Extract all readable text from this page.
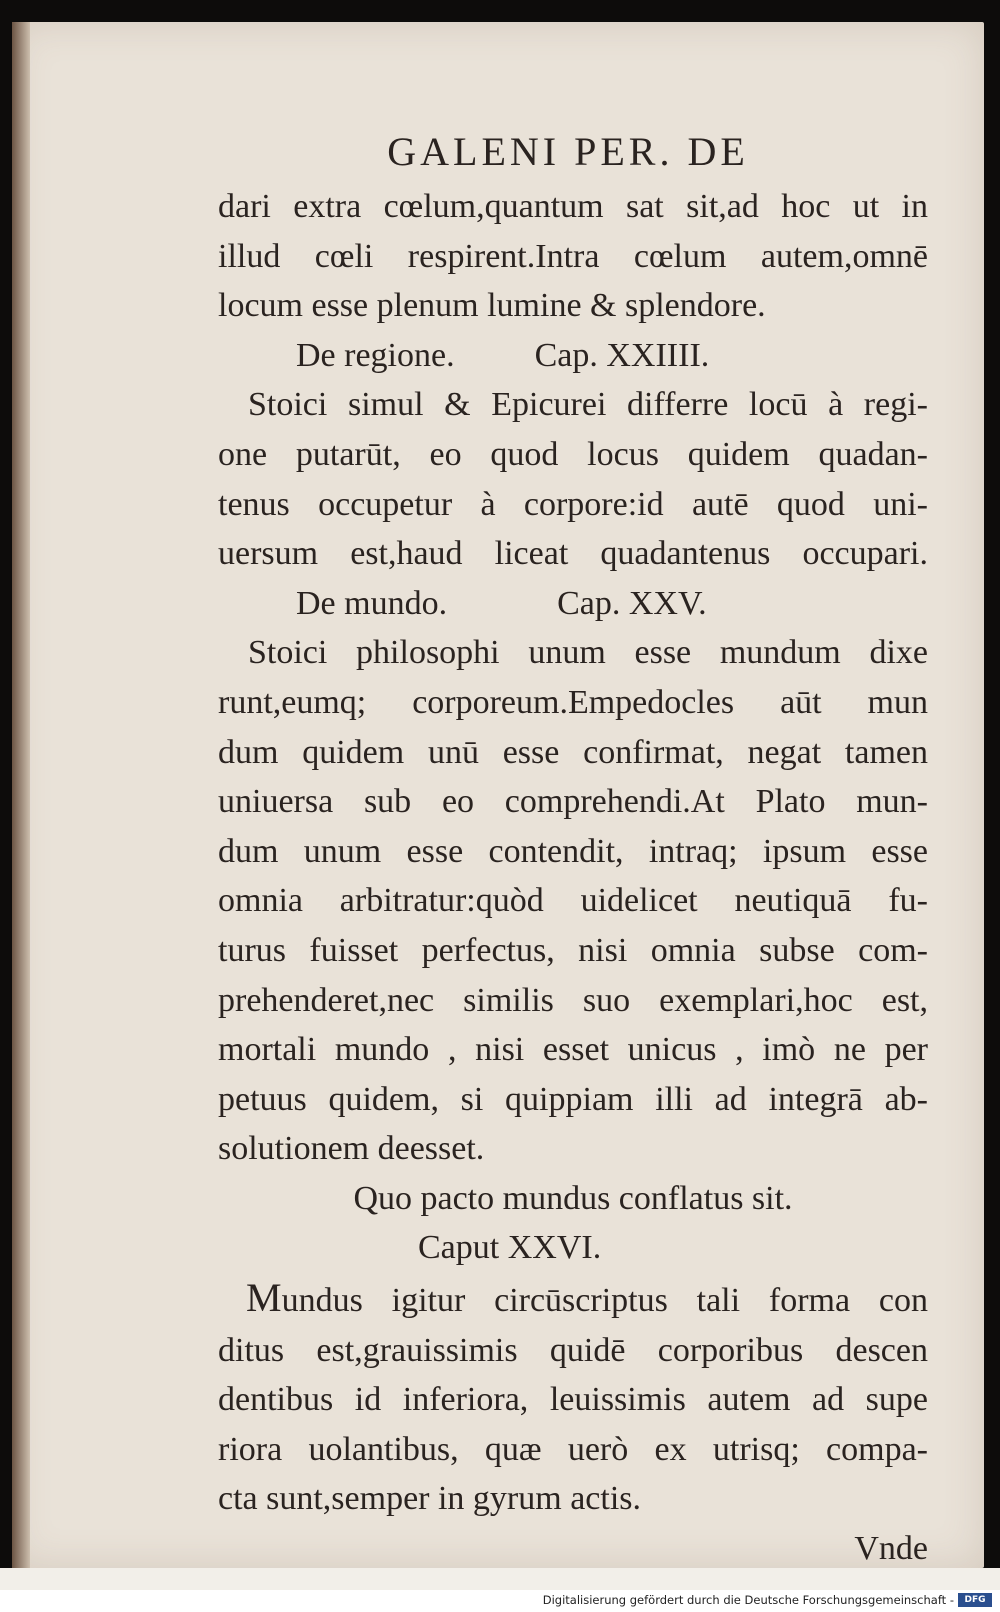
GALENI PER. DE
dari extra cœlum,quantum sat sit,ad hoc ut in
illud cœli respirent.Intra cœlum autem,omnē
locum esse plenum lumine & splendore.
De regione. Cap. XXIIII.
Stoici simul & Epicurei differre locū à regi-
one putarūt, eo quod locus quidem quadan-
tenus occupetur à corpore:id autē quod uni-
uersum est,haud liceat quadantenus occupari.
De mundo.	Cap. XXV.
Stoici philosophi unum esse mundum dixe
runt,eumq; corporeum.Empedocles aūt mun
dum quidem unū esse confirmat, negat tamen
uniuersa sub eo comprehendi.At Plato mun-
dum unum esse contendit, intraq; ipsum esse
omnia arbitratur:quòd uidelicet neutiquā fu-
turus fuisset perfectus, nisi omnia subse com-
prehenderet,nec similis suo exemplari,hoc est,
mortali mundo , nisi esset unicus , imò ne per
petuus quidem, si quippiam illi ad integrā ab-
solutionem deesset.
Quo pacto mundus conflatus sit.
Caput XXVI.
Mundus igitur circūscriptus tali forma con
ditus est,grauissimis quidē corporibus descen
dentibus id inferiora, leuissimis autem ad supe
riora uolantibus, quæ uerò ex utrisq; compa-
cta sunt,semper in gyrum actis.
Vnde
Digitalisierung gefördert durch die Deutsche Forschungsgemeinschaft -	DFG
